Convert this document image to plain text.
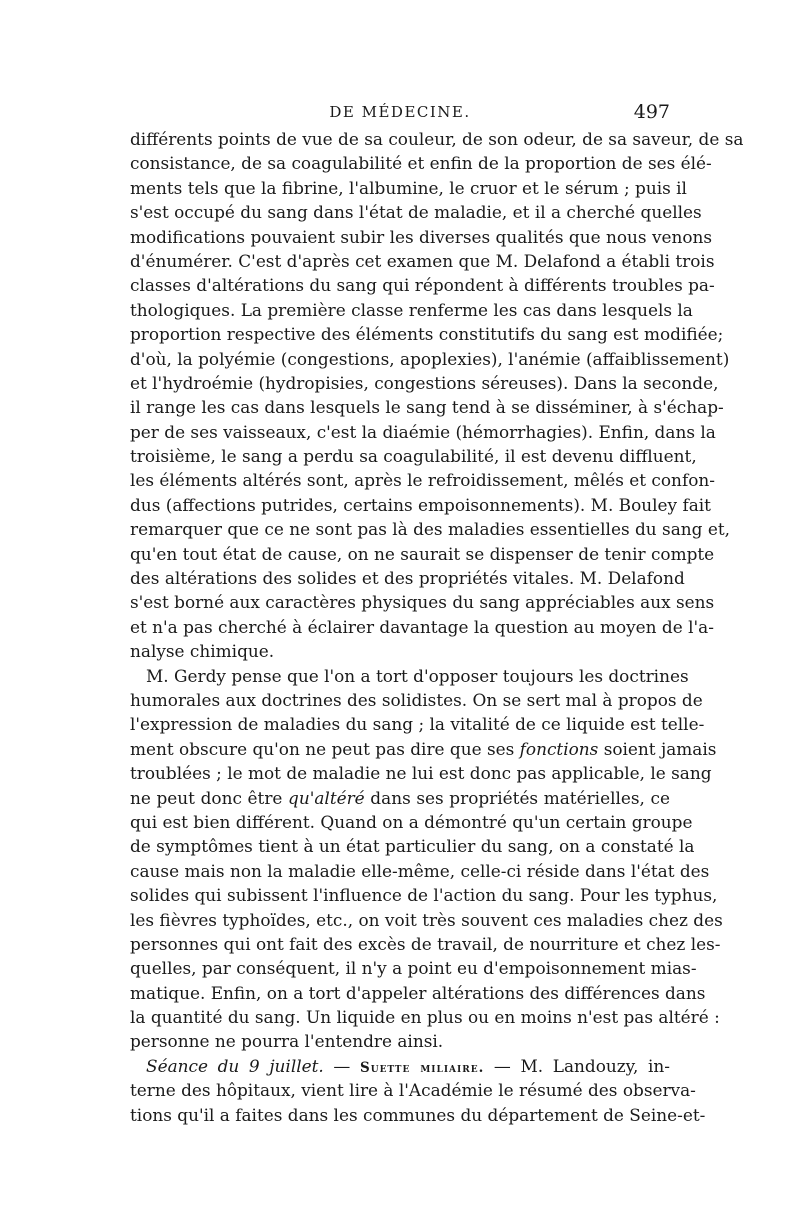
DE MÉDECINE.	497
différents points de vue de sa couleur, de son odeur, de sa saveur, de sa
consistance, de sa coagulabilité et enfin de la proportion de ses élé-
ments tels que la fibrine, l'albumine, le cruor et le sérum ; puis il
s'est occupé du sang dans l'état de maladie, et il a cherché quelles
modifications pouvaient subir les diverses qualités que nous venons
d'énumérer. C'est d'après cet examen que M. Delafond a établi trois
classes d'altérations du sang qui répondent à différents troubles pa-
thologiques. La première classe renferme les cas dans lesquels la
proportion respective des éléments constitutifs du sang est modifiée;
d'où, la polyémie (congestions, apoplexies), l'anémie (affaiblissement)
et l'hydroémie (hydropisies, congestions séreuses). Dans la seconde,
il range les cas dans lesquels le sang tend à se disséminer, à s'échap-
per de ses vaisseaux, c'est la diaémie (hémorrhagies). Enfin, dans la
troisième, le sang a perdu sa coagulabilité, il est devenu diffluent,
les éléments altérés sont, après le refroidissement, mêlés et confon-
dus (affections putrides, certains empoisonnements). M. Bouley fait
remarquer que ce ne sont pas là des maladies essentielles du sang et,
qu'en tout état de cause, on ne saurait se dispenser de tenir compte
des altérations des solides et des propriétés vitales. M. Delafond
s'est borné aux caractères physiques du sang appréciables aux sens
et n'a pas cherché à éclairer davantage la question au moyen de l'a-
nalyse chimique.
M. Gerdy pense que l'on a tort d'opposer toujours les doctrines
humorales aux doctrines des solidistes. On se sert mal à propos de
l'expression de maladies du sang ; la vitalité de ce liquide est telle-
ment obscure qu'on ne peut pas dire que ses fonctions soient jamais
troublées ; le mot de maladie ne lui est donc pas applicable, le sang
ne peut donc être qu'altéré dans ses propriétés matérielles, ce
qui est bien différent. Quand on a démontré qu'un certain groupe
de symptômes tient à un état particulier du sang, on a constaté la
cause mais non la maladie elle-même, celle-ci réside dans l'état des
solides qui subissent l'influence de l'action du sang. Pour les typhus,
les fièvres typhoïdes, etc., on voit très souvent ces maladies chez des
personnes qui ont fait des excès de travail, de nourriture et chez les-
quelles, par conséquent, il n'y a point eu d'empoisonnement mias-
matique. Enfin, on a tort d'appeler altérations des différences dans
la quantité du sang. Un liquide en plus ou en moins n'est pas altéré :
personne ne pourra l'entendre ainsi.
Séance du 9 juillet. — Suette miliaire. — M. Landouzy, in-
terne des hôpitaux, vient lire à l'Académie le résumé des observa-
tions qu'il a faites dans les communes du département de Seine-et-
